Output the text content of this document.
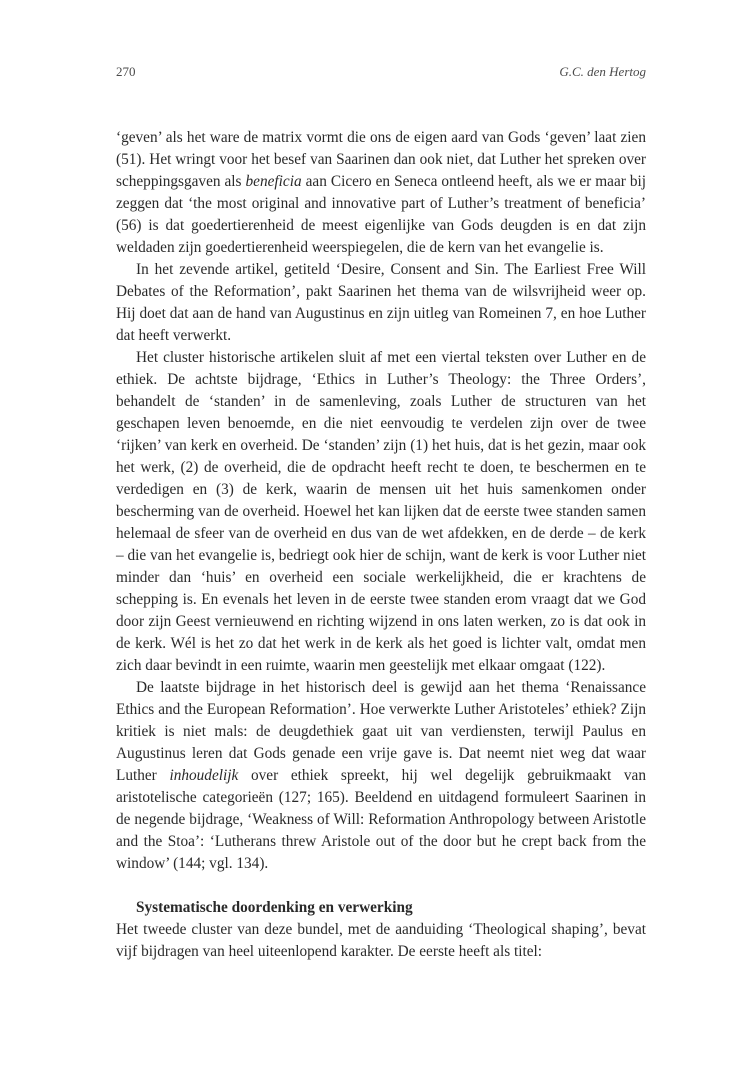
270	G.C. den Hertog

‘geven’ als het ware de matrix vormt die ons de eigen aard van Gods ‘geven’ laat zien (51). Het wringt voor het besef van Saarinen dan ook niet, dat Luther het spreken over scheppingsgaven als beneficia aan Cicero en Seneca ontleend heeft, als we er maar bij zeggen dat ‘the most original and innovative part of Luther’s treatment of beneficia’ (56) is dat goedertierenheid de meest eigenlijke van Gods deugden is en dat zijn weldaden zijn goedertierenheid weerspiegelen, die de kern van het evangelie is.

In het zevende artikel, getiteld ‘Desire, Consent and Sin. The Earliest Free Will Debates of the Reformation’, pakt Saarinen het thema van de wilsvrijheid weer op. Hij doet dat aan de hand van Augustinus en zijn uitleg van Romeinen 7, en hoe Luther dat heeft verwerkt.

Het cluster historische artikelen sluit af met een viertal teksten over Luther en de ethiek. De achtste bijdrage, ‘Ethics in Luther’s Theology: the Three Orders’, behandelt de ‘standen’ in de samenleving, zoals Luther de structuren van het geschapen leven benoemde, en die niet eenvoudig te verdelen zijn over de twee ‘rijken’ van kerk en overheid. De ‘standen’ zijn (1) het huis, dat is het gezin, maar ook het werk, (2) de overheid, die de opdracht heeft recht te doen, te beschermen en te verdedigen en (3) de kerk, waarin de mensen uit het huis samenkomen onder bescherming van de overheid. Hoewel het kan lijken dat de eerste twee standen samen helemaal de sfeer van de overheid en dus van de wet afdekken, en de derde – de kerk – die van het evangelie is, bedriegt ook hier de schijn, want de kerk is voor Luther niet minder dan ‘huis’ en overheid een sociale werkelijkheid, die er krachtens de schepping is. En evenals het leven in de eerste twee standen erom vraagt dat we God door zijn Geest vernieuwend en richting wijzend in ons laten werken, zo is dat ook in de kerk. Wél is het zo dat het werk in de kerk als het goed is lichter valt, omdat men zich daar bevindt in een ruimte, waarin men geestelijk met elkaar omgaat (122).

De laatste bijdrage in het historisch deel is gewijd aan het thema ‘Renaissance Ethics and the European Reformation’. Hoe verwerkte Luther Aristoteles’ ethiek? Zijn kritiek is niet mals: de deugdethiek gaat uit van verdiensten, terwijl Paulus en Augustinus leren dat Gods genade een vrije gave is. Dat neemt niet weg dat waar Luther inhoudelijk over ethiek spreekt, hij wel degelijk gebruikmaakt van aristotelische categorieën (127; 165). Beeldend en uitdagend formuleert Saarinen in de negende bijdrage, ‘Weakness of Will: Reformation Anthropology between Aristotle and the Stoa’: ‘Lutherans threw Aristole out of the door but he crept back from the window’ (144; vgl. 134).

Systematische doordenking en verwerking

Het tweede cluster van deze bundel, met de aanduiding ‘Theological shaping’, bevat vijf bijdragen van heel uiteenlopend karakter. De eerste heeft als titel:
